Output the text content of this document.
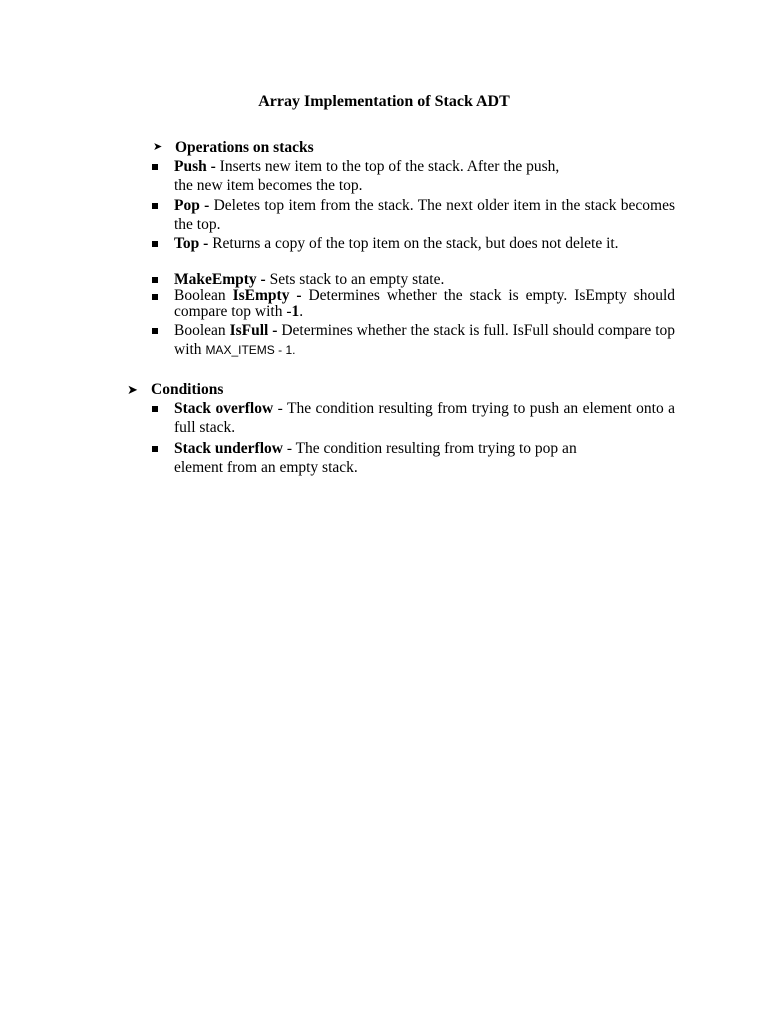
Array Implementation of Stack ADT
➤ Operations on stacks
Push - Inserts new item to the top of the stack. After the push,
the new item becomes the top.
Pop - Deletes top item from the stack. The next older item in the stack becomes the top.
Top - Returns a copy of the top item on the stack, but does not delete it.
MakeEmpty - Sets stack to an empty state.
Boolean IsEmpty - Determines whether the stack is empty. IsEmpty should compare top with -1.
Boolean IsFull - Determines whether the stack is full. IsFull should compare top with MAX_ITEMS - 1.
➤ Conditions
Stack overflow - The condition resulting from trying to push an element onto a full stack.
Stack underflow - The condition resulting from trying to pop an
element from an empty stack.
